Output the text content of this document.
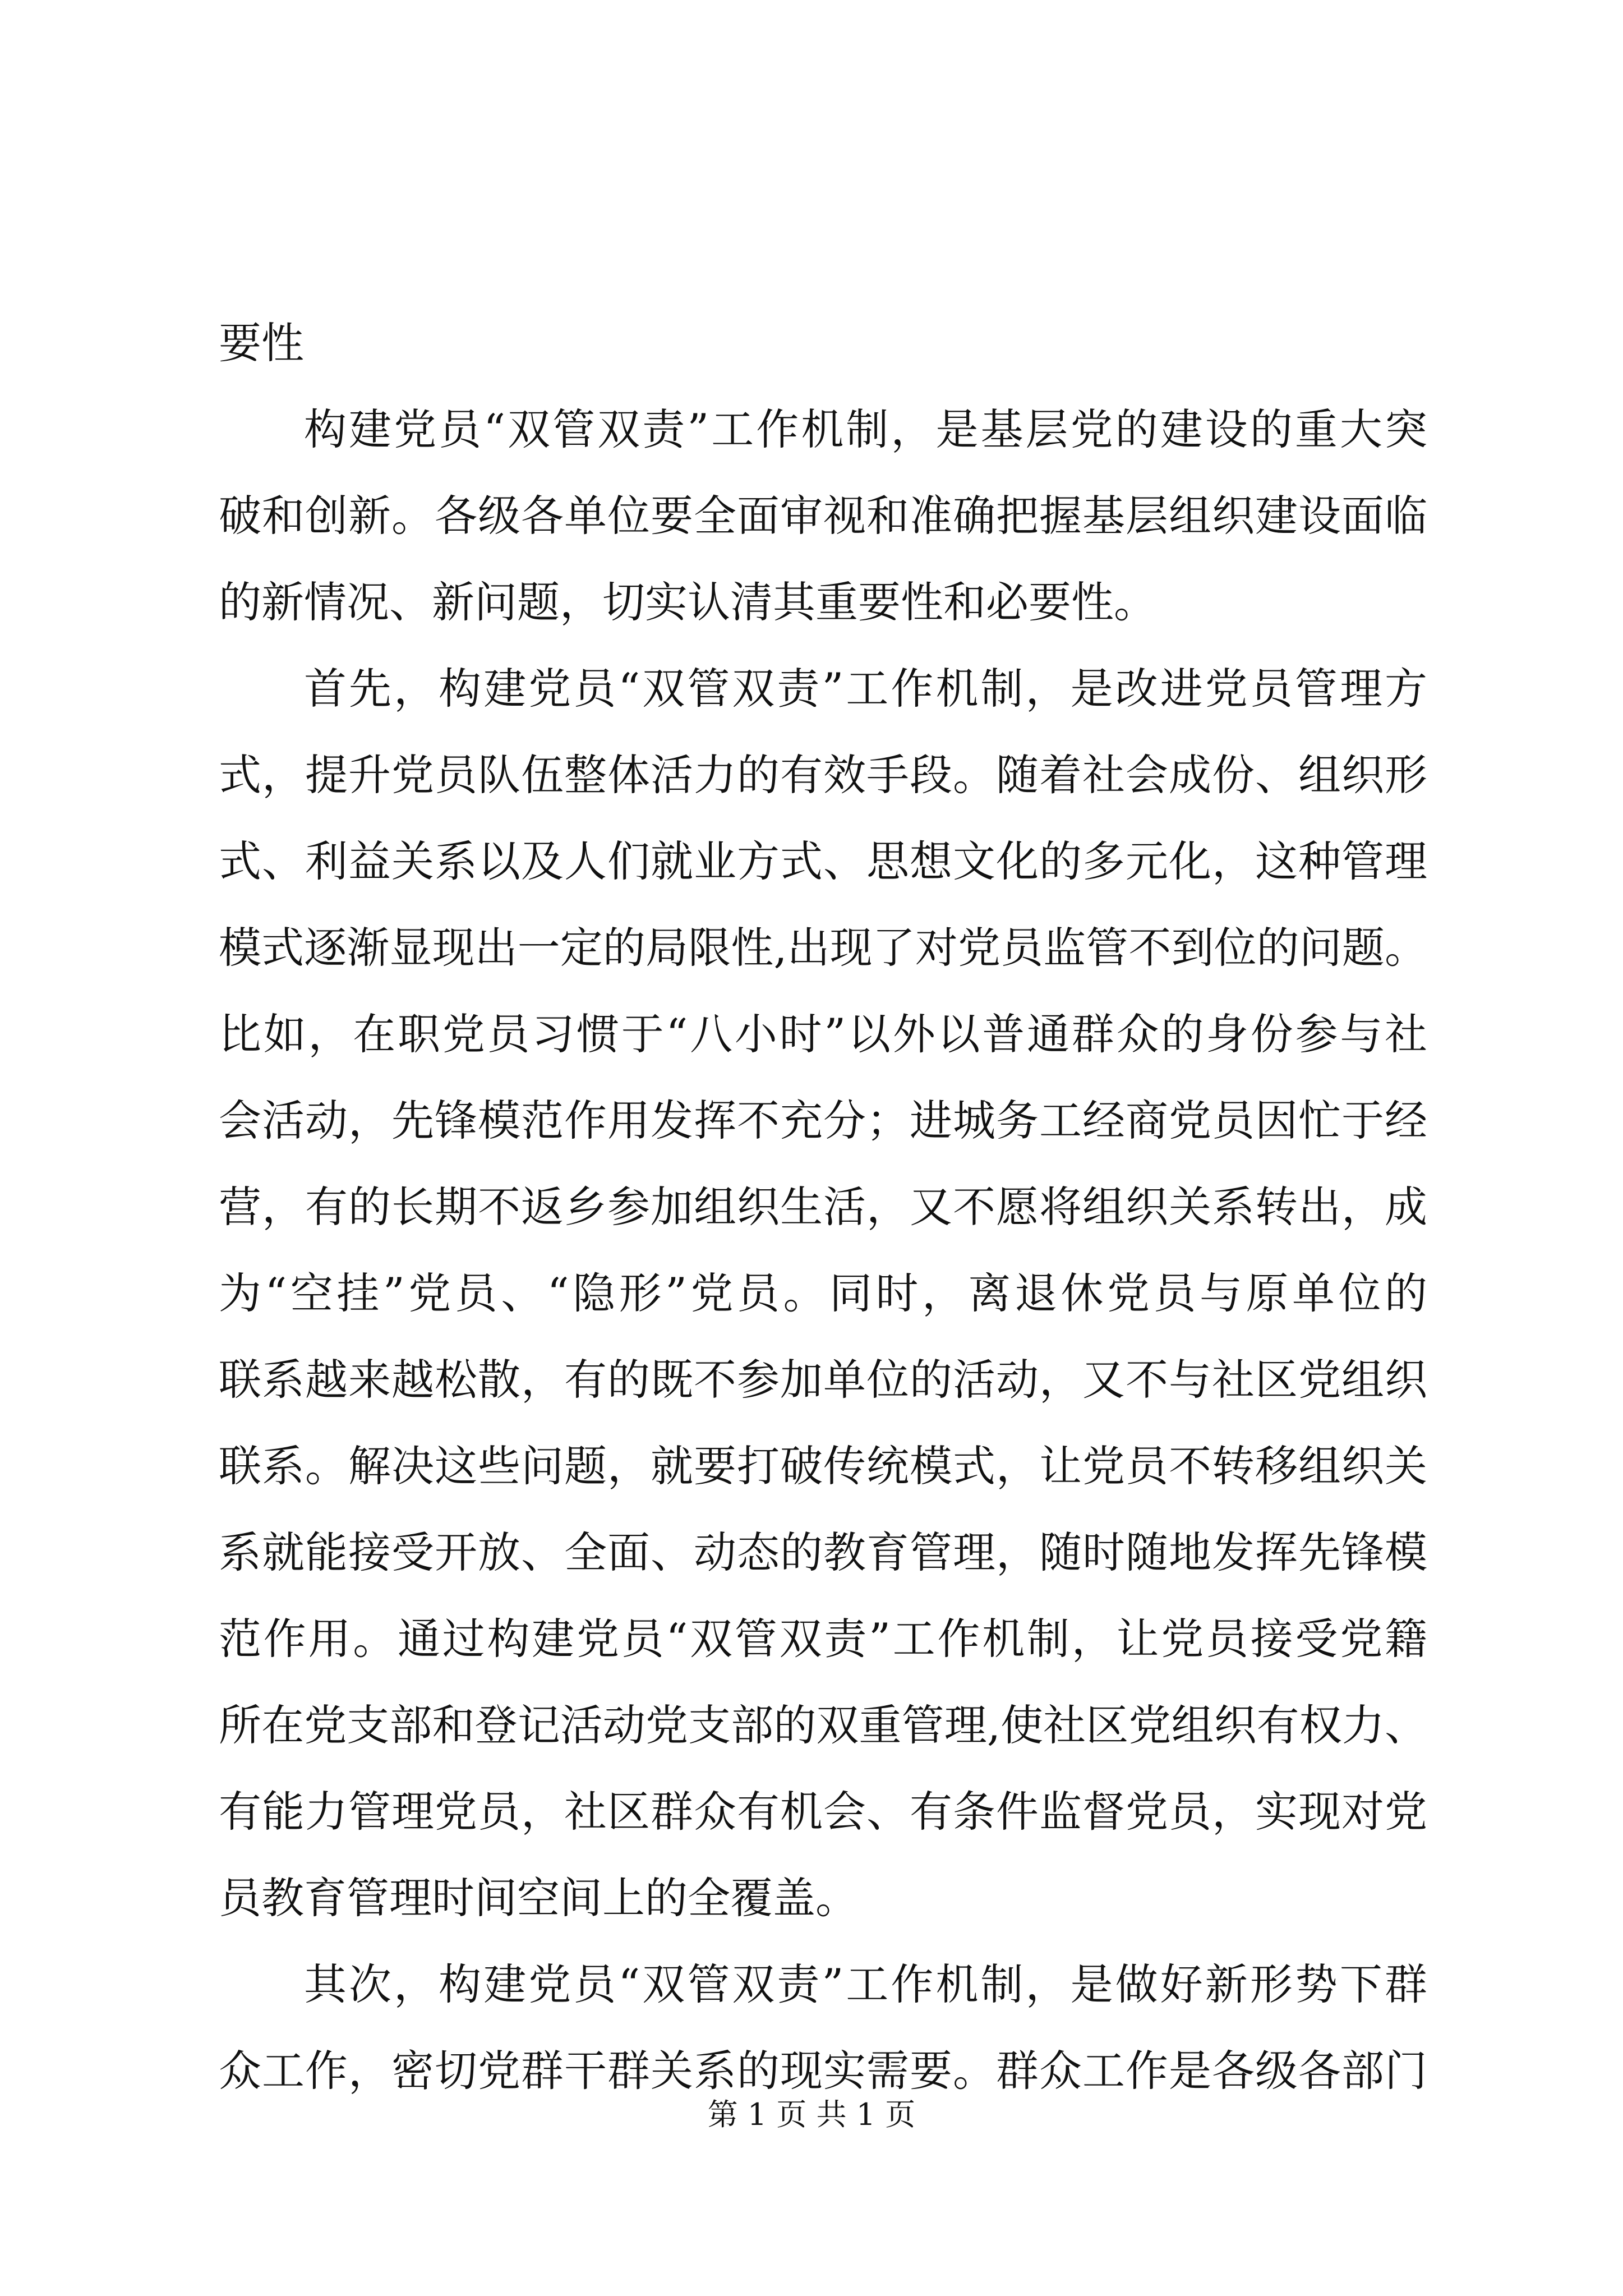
要性
构建党员“双管双责”工作机制，是基层党的建设的重大突
破和创新。各级各单位要全面审视和准确把握基层组织建设面临
的新情况、新问题，切实认清其重要性和必要性。
首先，构建党员“双管双责”工作机制，是改进党员管理方
式，提升党员队伍整体活力的有效手段。随着社会成份、组织形
式、利益关系以及人们就业方式、思想文化的多元化，这种管理
模式逐渐显现出一定的局限性,出现了对党员监管不到位的问题。
比如，在职党员习惯于“八小时”以外以普通群众的身份参与社
会活动，先锋模范作用发挥不充分；进城务工经商党员因忙于经
营，有的长期不返乡参加组织生活，又不愿将组织关系转出，成
为“空挂”党员、“隐形”党员。同时，离退休党员与原单位的
联系越来越松散，有的既不参加单位的活动，又不与社区党组织
联系。解决这些问题，就要打破传统模式，让党员不转移组织关
系就能接受开放、全面、动态的教育管理，随时随地发挥先锋模
范作用。通过构建党员“双管双责”工作机制，让党员接受党籍
所在党支部和登记活动党支部的双重管理,使社区党组织有权力、
有能力管理党员，社区群众有机会、有条件监督党员，实现对党
员教育管理时间空间上的全覆盖。
其次，构建党员“双管双责”工作机制，是做好新形势下群
众工作，密切党群干群关系的现实需要。群众工作是各级各部门
第 1 页 共 1 页
